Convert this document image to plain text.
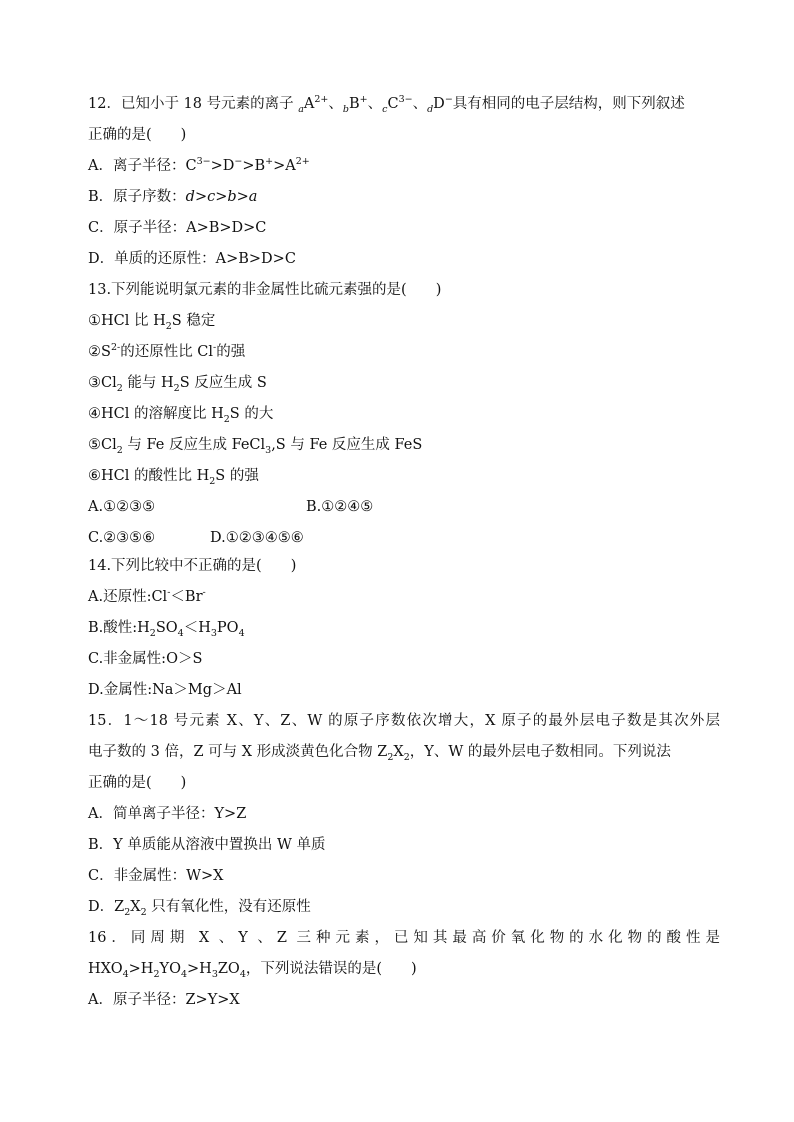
12．已知小于 18 号元素的离子 $_aA^{2+}$、$_b$B+、$_cC^{3-}$、$_d$D−具有相同的电子层结构，则下列叙述
正确的是(　　)
A．离子半径：$C^{3-}>D^->B^+>A^{2+}$
B．原子序数：d>c>b>a
C．原子半径：A>B>D>C
D．单质的还原性：A>B>D>C
13.下列能说明氯元素的非金属性比硫元素强的是(　　)
①HCl 比 $H_2S$ 稳定
$②S^{2-}$的还原性比 Cl-的强
$③Cl_2$ 能与 $H_2S$ 反应生成 S
④HCl 的溶解度比 $H_2S$ 的大
$⑤Cl_2$ 与 Fe 反应生成 FeCl$_3$,S 与 Fe 反应生成 FeS
⑥HCl 的酸性比 $H_2S$ 的强
A.①②③⑤	B.①②④⑤
C.②③⑤⑥	D.①②③④⑤⑥
14.下列比较中不正确的是(　　)
A.还原性:Cl-＜Br-
B.酸性$:H_2SO_4<H_3PO_4$
C.非金属性:O＞S
D.金属性:Na＞Mg＞Al
15．1～18 号元素 X、Y、Z、W 的原子序数依次增大，X 原子的最外层电子数是其次外层
电子数的 3 倍，Z 可与 X 形成淡黄色化合物 $Z_2X_2$，Y、W 的最外层电子数相同。下列说法
正确的是(　　)
A．简单离子半径：Y>Z
B．Y 单质能从溶液中置换出 W 单质
C．非金属性：W>X
D．$Z_2X_2$ 只有氧化性，没有还原性
16．同周期 X 、Y 、Z 三种元素，已知其最高价氧化物的水化物的酸性是
$HXO_4>H_2YO_4>H_3ZO_4$，下列说法错误的是(　　)
A．原子半径：Z>Y>X
